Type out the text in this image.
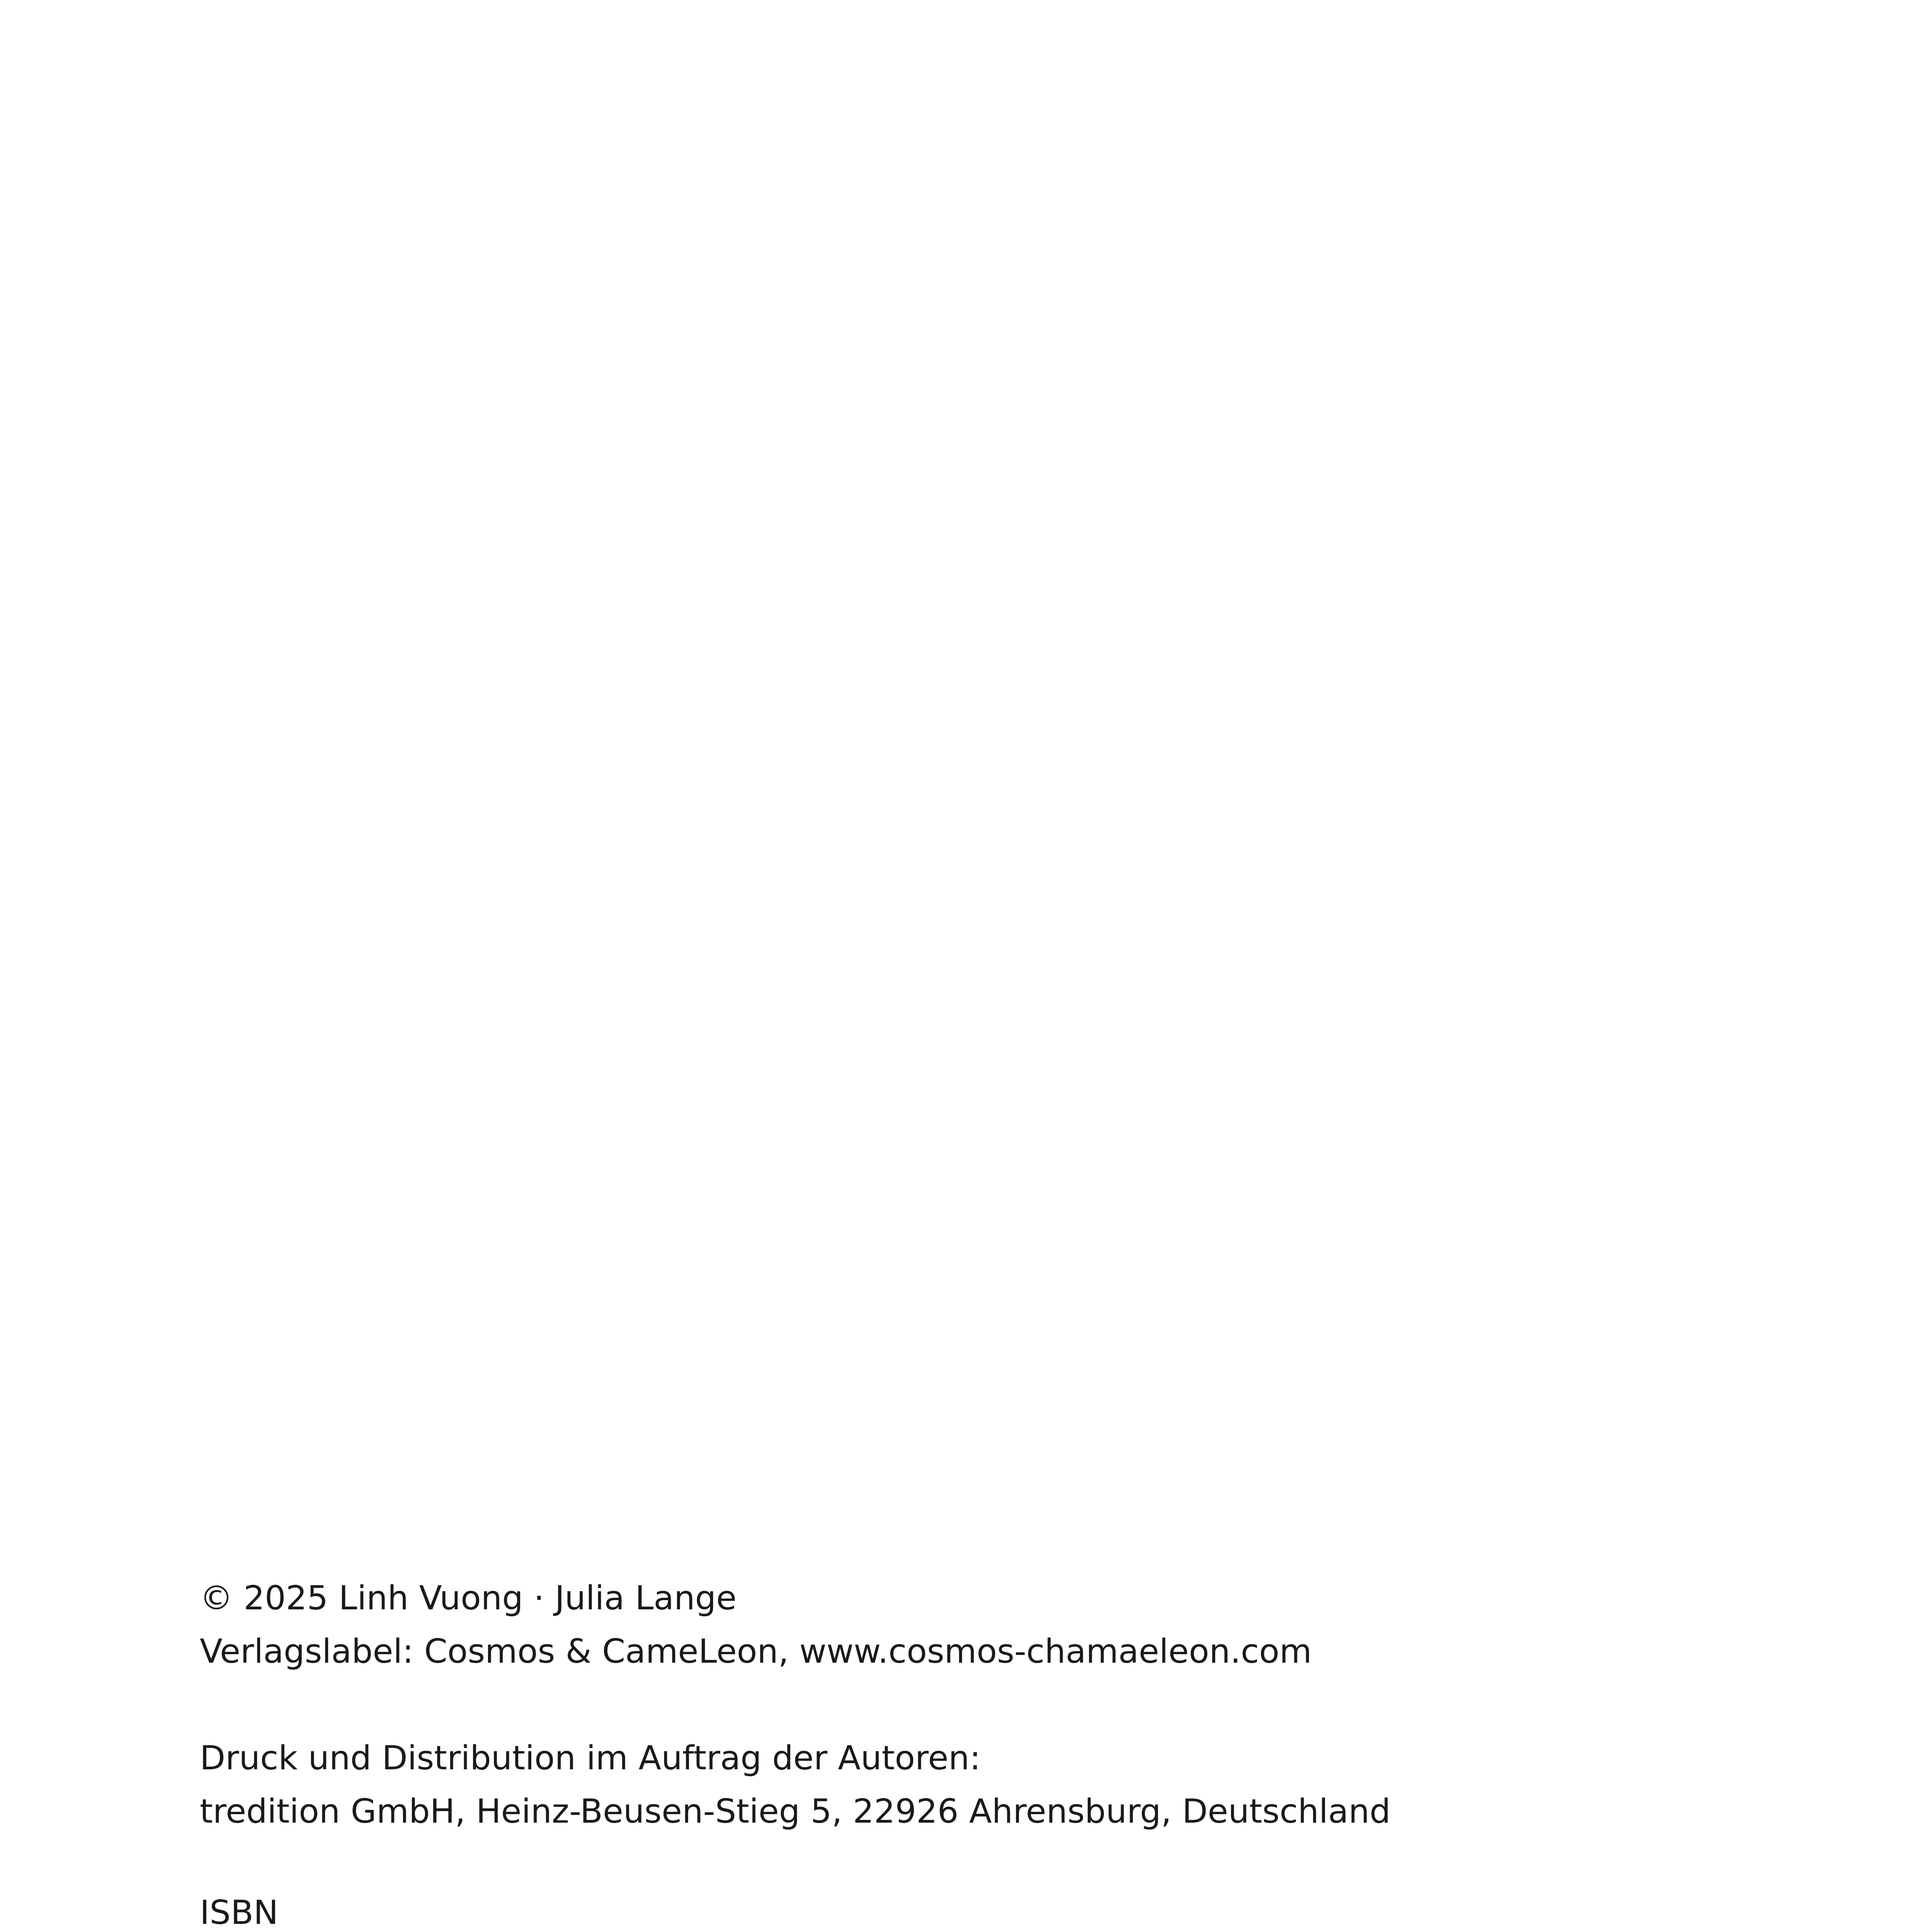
© 2025 Linh Vuong · Julia Lange
Verlagslabel: Cosmos & CameLeon, www.cosmos-chamaeleon.com
Druck und Distribution im Auftrag der Autoren:
tredition GmbH, Heinz-Beusen-Stieg 5, 22926 Ahrensburg, Deutschland
ISBN
